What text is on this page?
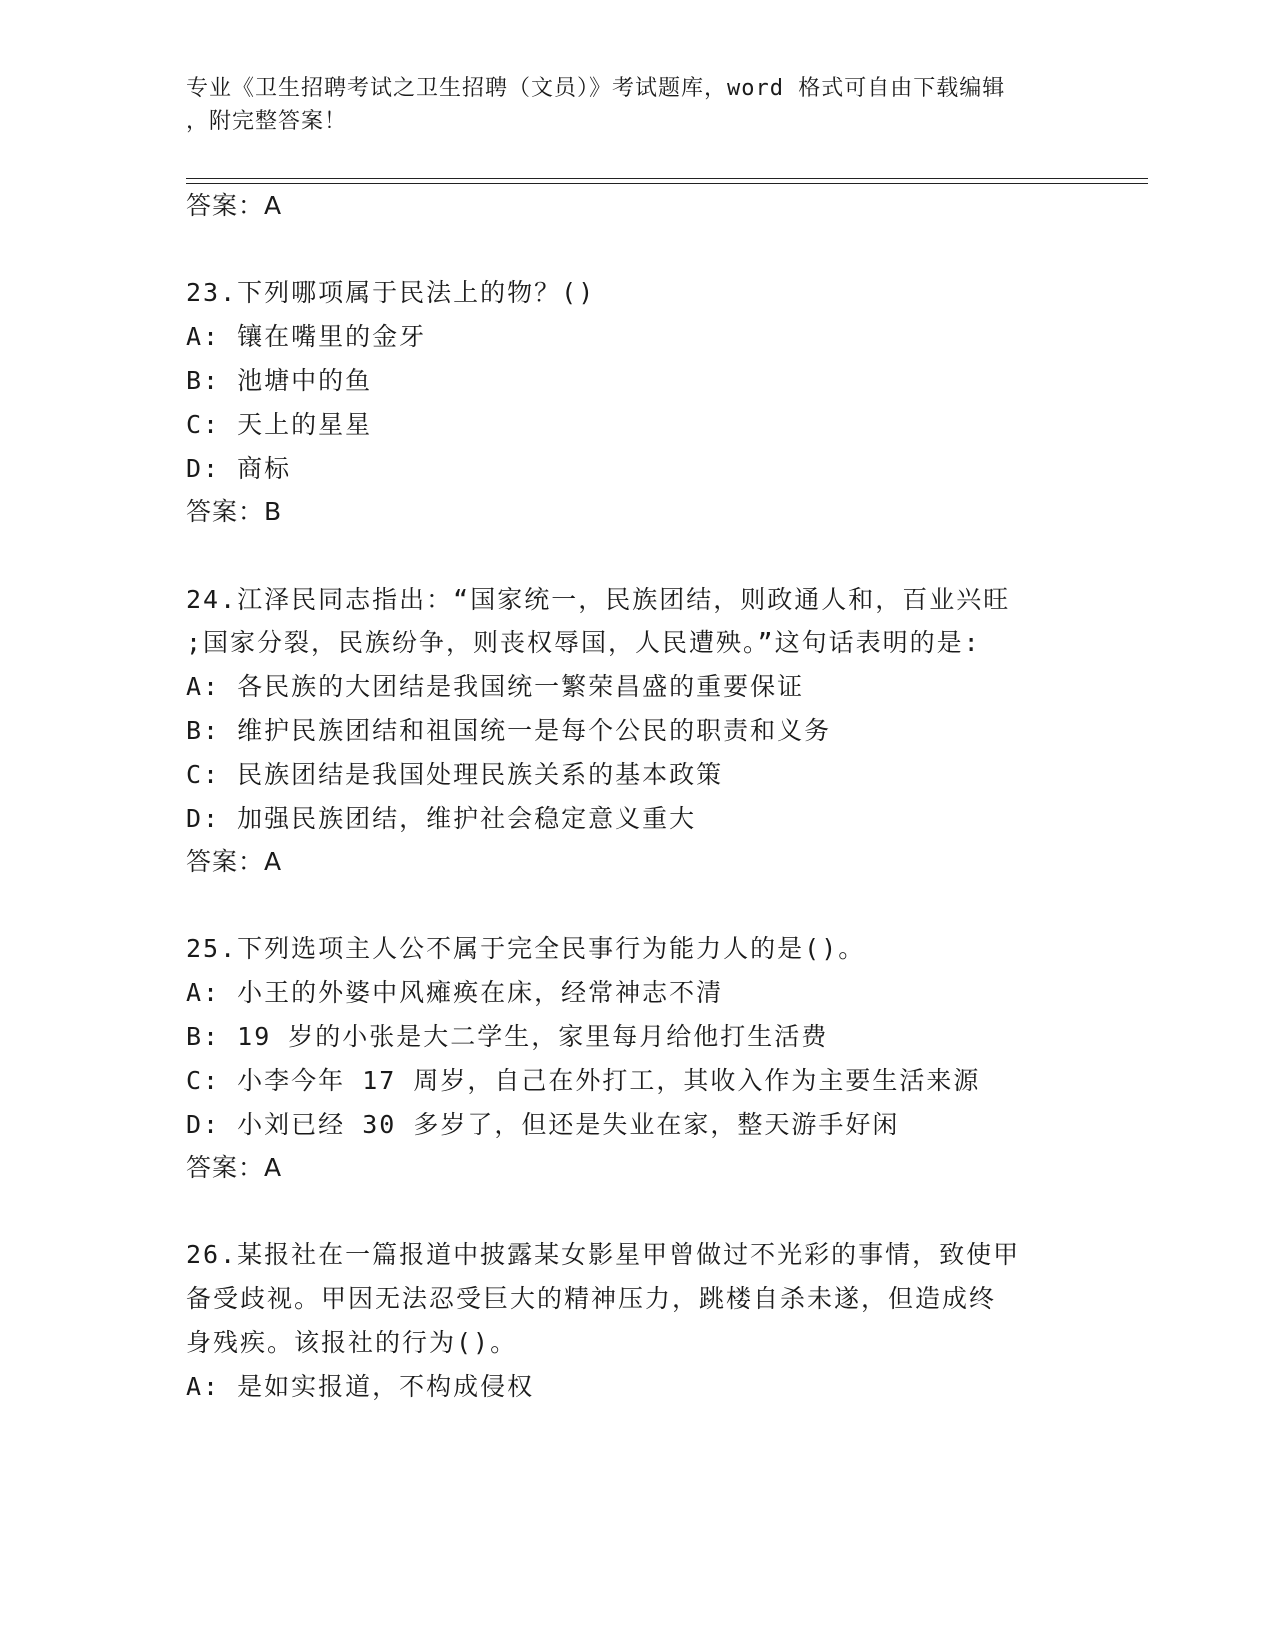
专业《卫生招聘考试之卫生招聘（文员）》考试题库，word 格式可自由下载编辑
，附完整答案！
答案：A
23.下列哪项属于民法上的物？()
A: 镶在嘴里的金牙
B: 池塘中的鱼
C: 天上的星星
D: 商标
答案：B
24.江泽民同志指出：“国家统一，民族团结，则政通人和，百业兴旺
;国家分裂，民族纷争，则丧权辱国，人民遭殃。”这句话表明的是:
A: 各民族的大团结是我国统一繁荣昌盛的重要保证
B: 维护民族团结和祖国统一是每个公民的职责和义务
C: 民族团结是我国处理民族关系的基本政策
D: 加强民族团结，维护社会稳定意义重大
答案：A
25.下列选项主人公不属于完全民事行为能力人的是()。
A: 小王的外婆中风瘫痪在床，经常神志不清
B: 19 岁的小张是大二学生，家里每月给他打生活费
C: 小李今年 17 周岁，自己在外打工，其收入作为主要生活来源
D: 小刘已经 30 多岁了，但还是失业在家，整天游手好闲
答案：A
26.某报社在一篇报道中披露某女影星甲曾做过不光彩的事情，致使甲
备受歧视。甲因无法忍受巨大的精神压力，跳楼自杀未遂，但造成终
身残疾。该报社的行为()。
A: 是如实报道，不构成侵权
